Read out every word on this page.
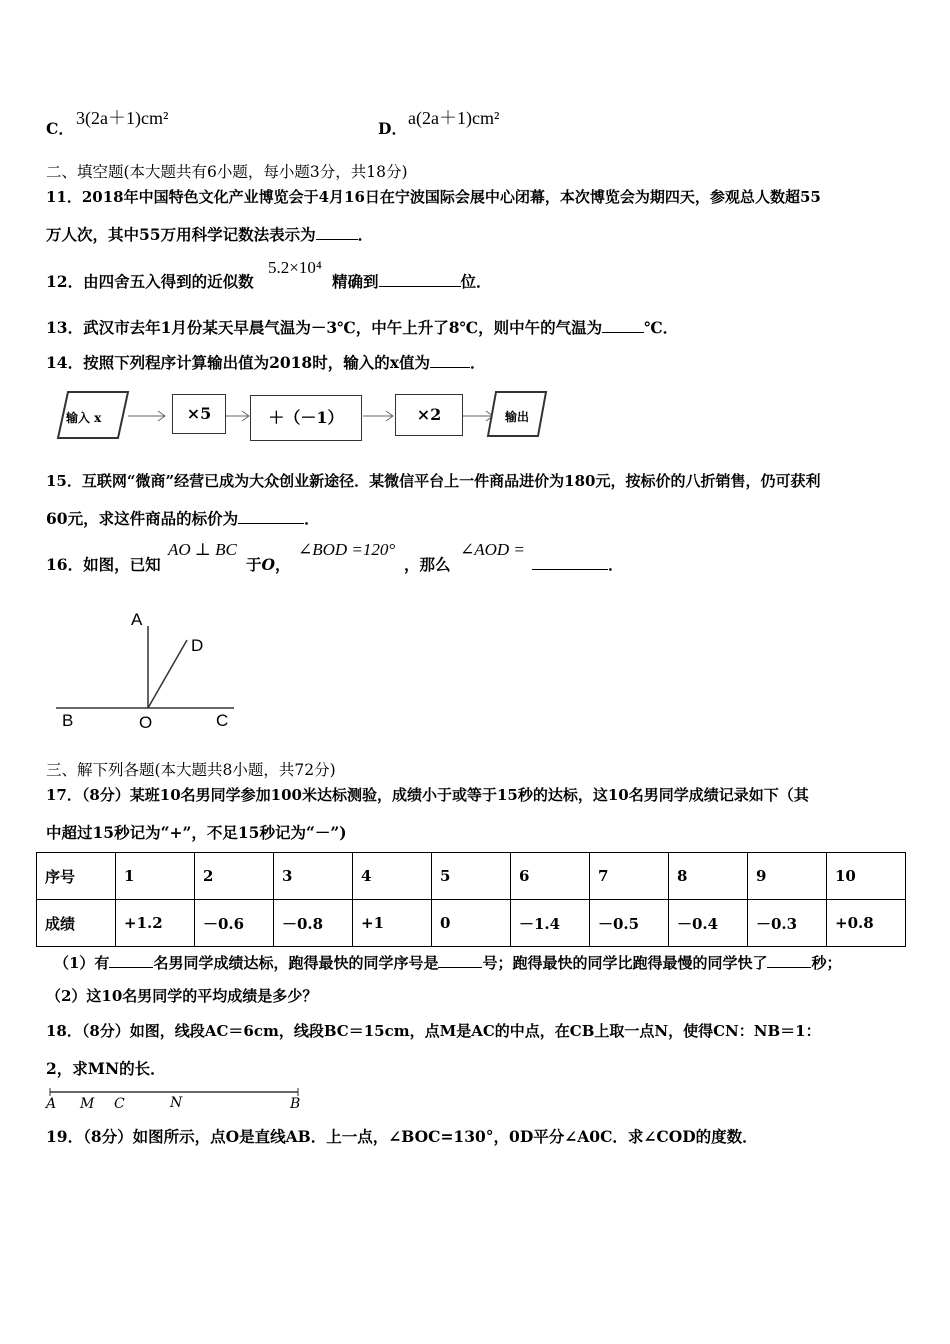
C．
3(2a＋1)cm²
D．
a(2a＋1)cm²
二、填空题(本大题共有6小题，每小题3分，共18分)
11．2018年中国特色文化产业博览会于4月16日在宁波国际会展中心闭幕，本次博览会为期四天，参观总人数超55
万人次，其中55万用科学记数法表示为	．
12．由四舍五入得到的近似数
5.2×10⁴
精确到	位．
13．武汉市去年1月份某天早晨气温为－3℃，中午上升了8℃，则中午的气温为	℃．
14．按照下列程序计算输出值为2018时，输入的x值为	．
输入 x	×5	＋（－1）	×2	输出
15．互联网“微商”经营已成为大众创业新途径．某微信平台上一件商品进价为180元，按标价的八折销售，仍可获利
60元，求这件商品的标价为	．
16．如图，已知
AO ⊥ BC
于O，
∠BOD =120°
，那么
∠AOD =
．
A
D
B	O	C
三、解下列各题(本大题共8小题，共72分)
17．（8分）某班10名男同学参加100米达标测验，成绩小于或等于15秒的达标，这10名男同学成绩记录如下（其
中超过15秒记为“+”，不足15秒记为“－”)
序号	1	2	3	4	5	6	7	8	9	10
成绩	+1.2	－0.6	－0.8	+1	0	－1.4	－0.5	－0.4	－0.3	+0.8
（1）有	名男同学成绩达标，跑得最快的同学序号是	号；跑得最快的同学比跑得最慢的同学快了	秒；
（2）这10名男同学的平均成绩是多少？
18．（8分）如图，线段AC＝6cm，线段BC＝15cm，点M是AC的中点，在CB上取一点N，使得CN：NB＝1：
2，求MN的长．
A M C	N	B
19．（8分）如图所示，点O是直线AB．上一点，∠BOC=130°，0D平分∠A0C．求∠COD的度数．
